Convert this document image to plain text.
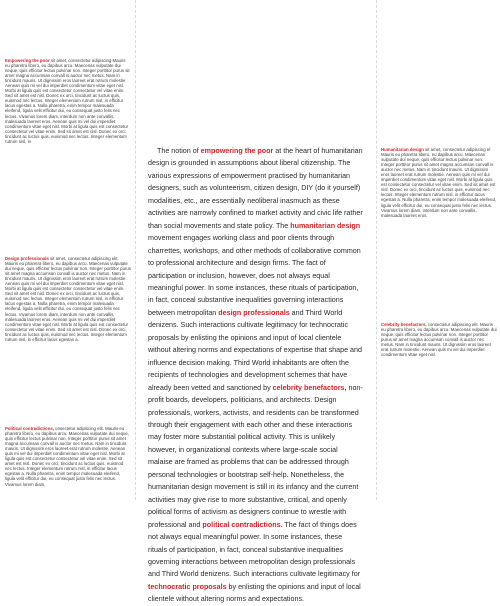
Empowering the poor sit amet, consectetur adipiscing Mauris eu pharetra libero, eu dapibus arcu. Maecenas vulputate dui neque, quis efficitur lectus pulvinar non. Integer porttitor purus sit amet magna accumsan convall is auctor nec metus. Nam in tincidunt mauris. Ut dignissim eros laoreet erat rutrum molestie. Aenean quis mi vel dui imperdiet condimentum vitae eget nisl. Morbi at ligula quis est consectetur consectetur vel vitae enim. Sed sit amet est nisl. Donec ex orci, tincidunt ac luctus quis, euismod nec lectus. Integer elementum rutrum nisl, in efficitur lacus egestas a. Nulla pharetra, enim tempor malesuada eleifend, ligula velit efficitur dui, eu consequat justo felis nec lectus. Vivamus lorem diam, interdum non ante convallis, malesuada laoreet eros. Aenean quis mi vel dui imperdiet condimentum vitae eget nisl. Morbi at ligula quis est consectetur consectetur vel vitae enim. Sed sit amet est nisl. Donec ex orci, tincidunt ac luctus quis, euismod nec lectus. Integer elementum rutrum nisl, in
Design professionals sit amet, consectetur adipiscing elit. Mauris eu pharetra libero, eu dapibus arcu. Maecenas vulputate dui neque, quis efficitur lectus pulvinar non. Integer porttitor purus sit amet magna accumsan convall is auctor nec metus. Nam in tincidunt mauris. Ut dignissim eros laoreet erat rutrum molestie. Aenean quis mi vel dui imperdiet condimentum vitae eget nisl. Morbi at ligula quis est consectetur consectetur vel vitae enim. Sed sit amet est nisl. Donec ex orci, tincidunt ac luctus quis, euismod nec lectus. Integer elementum rutrum nisl, in efficitur lacus egestas a. Nulla pharetra, enim tempor malesuada eleifend, ligula velit efficitur dui, eu consequat justo felis nec lectus. Vivamus lorem diam, interdum non ante convallis, malesuada laoreet eros. Aenean quis mi vel dui imperdiet condimentum vitae eget nisl. Morbi at ligula quis est consectetur consectetur vel vitae enim. Sed sit amet est nisl. Donec ex orci, tincidunt ac luctus quis, euismod nec lectus. Integer elementum rutrum nisl, in efficitur lacus egestas a.
Political contradictions, onsectetur adipiscing elit. Mauris eu pharetra libero, eu dapibus arcu. Maecenas vulputate dui neque, quis efficitur lectus pulvinar non. Integer porttitor purus sit amet magna accumsan convall is auctor nec metus. Nam in tincidunt mauris. Ut dignissim eros laoreet erat rutrum molestie. Aenean quis mi vel dui imperdiet condimentum vitae eget nisl. Morbi at ligula quis est consectetur consectetur vel vitae enim. Sed sit amet est nisl. Donec ex orci, tincidunt ac luctus quis, euismod nec lectus. Integer elementum rutrum nisl, in efficitur lacus egestas a. Nulla pharetra, enim tempor malesuada eleifend, ligula velit efficitur dui, eu consequat justo felis nec lectus. Vivamus lorem diam,
Humanitarian design sit amet, consectetur adipiscing el Mauris eu pharetra libero, eu dapibus arcu. Maecenas vulputate dui neque, quis efficitur lectus pulvinar non. Integer porttitor purus sit amet magna accumsan convall is auctor nec metus. Nam in tincidunt mauris. Ut dignissim eros laoreet erat rutrum molestie. Aenean quis mi vel dui imperdiet condimentum vitae eget nisl. Morbi at ligula quis est consectetur consectetur vel vitae enim. Sed sit amet est nisl. Donec ex orci, tincidunt ac luctus quis, euismod nec lectus. Integer elementum rutrum nisl, in efficitur lacus egestas a. Nulla pharetra, enim tempor malesuada eleifend, ligula velit efficitur dui, eu consequat justo felis nec lectus. Vivamus lorem diam, interdum non ante convallis, malesuada laoreet eros.
Celebrity benefactors, consectetur adipiscing elit. Mauris eu pharetra libero, eu dapibus arcu. Maecenas vulputate dui neque, quis efficitur lectus pulvinar non. Integer porttitor purus sit amet magna accumsan convall is auctor nec metus. Nam in tincidunt mauris. Ut dignissim eros laoreet erat rutrum molestie. Aenean quis mi vel dui imperdiet condimentum vitae eget nisl.
The notion of empowering the poor at the heart of humanitarian design is grounded in assumptions about liberal citizenship. The various expressions of empowerment practised by humanitarian designers, such as volunteerism, citizen design, DIY (do it yourself) modalities, etc., are essentially neoliberal inasmuch as these activities are narrowly confined to market activity and civic life rather than social movements and state policy. The humanitarian design movement engages working class and poor clients through charrettes, workshops, and other methods of collaborative common to professional architecture and design firms. The fact of participation or inclusion, however, does not always equal meaningful power. In some instances, these rituals of participation, in fact, conceal substantive inequalities governing interactions between metropolitan design professionals and Third World denizens. Such interactions cultivate legitimacy for technocratic proposals by enlisting the opinions and input of local clientele without altering norms and expectations of expertise that shape and influence decision making. Third World inhabitants are often the recipients of technologies and development schemes that have already been vetted and sanctioned by celebrity benefactors, non-profit boards, developers, politicians, and architects. Design professionals, workers, activists, and residents can be transformed through their engagement with each other and these interactions may foster more substantial political activity. This is unlikely however, in organizational contexts where large-scale social malaise are framed as problems that can be addressed through personal technologies or bootstrap self-help. Nonetheless, the humanitarian design movement is still in its infancy and the current activities may give rise to more substantive, critical, and openly political forms of activism as designers continue to wrestle with professional and political contradictions. The fact of things does not always equal meaningful power. In some instances, these rituals of participation, in fact, conceal substantive inequalities governing interactions between metropolitan design professionals and Third World denizens. Such interactions cultivate legitimacy for technocratic proposals by enlisting the opinions and input of local clientele without altering norms and expectations.
